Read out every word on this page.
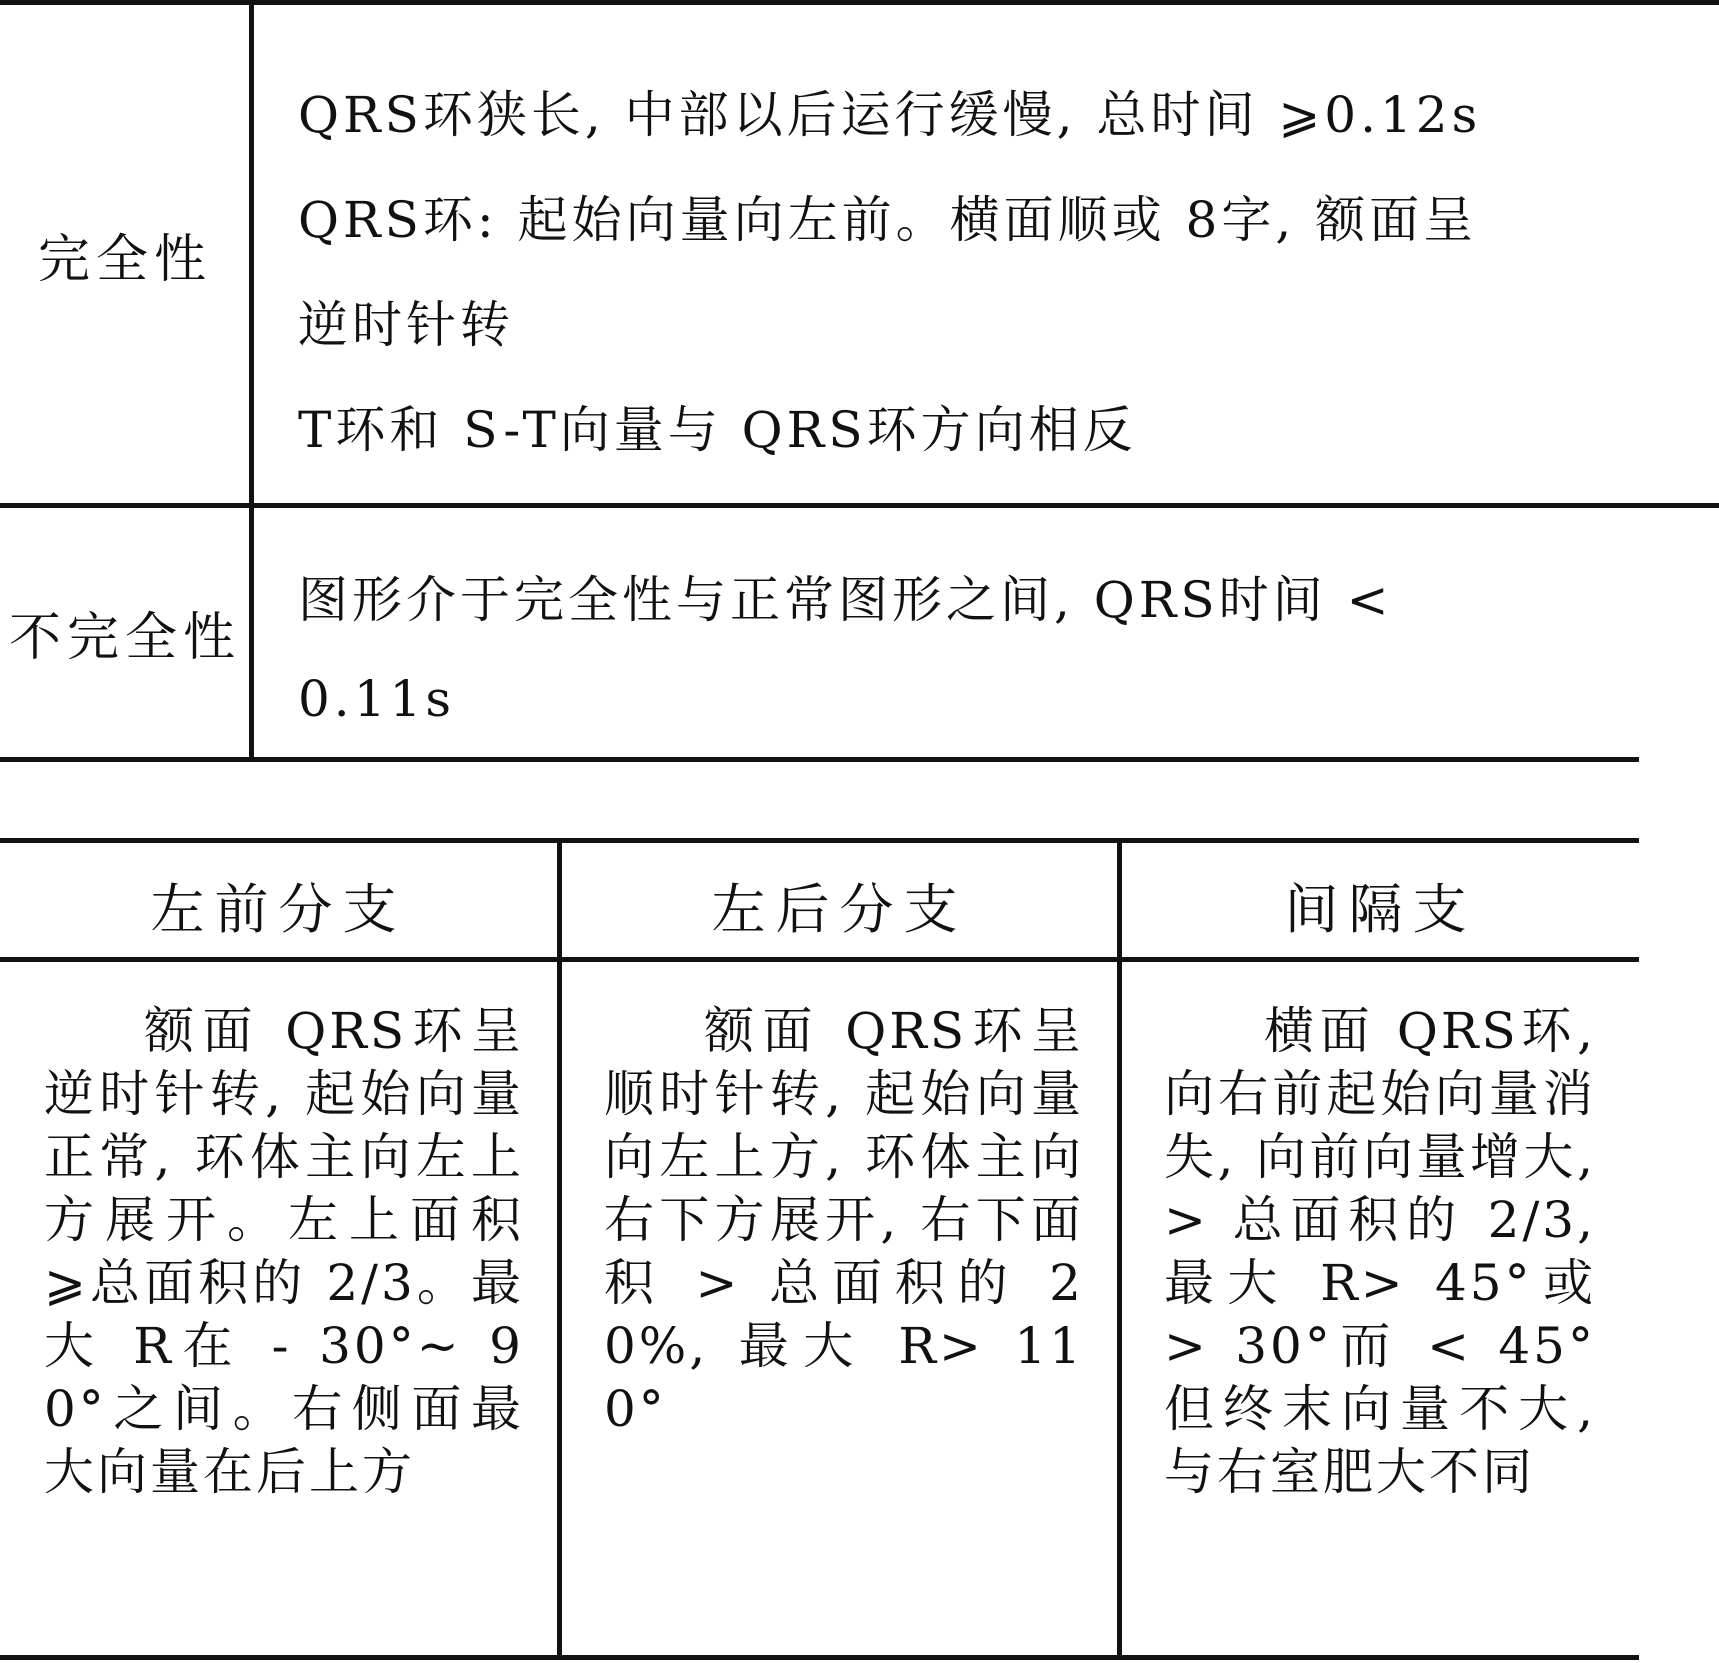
完全性
QRS环狭长, 中部以后运行缓慢, 总时间 ⩾0.12s
QRS环: 起始向量向左前。横面顺或 8字, 额面呈
逆时针转
T环和 S-T向量与 QRS环方向相反
不完全性
图形介于完全性与正常图形之间, QRS时间 <
0.11s
左前分支	左后分支	间隔支
额面 QRS环呈逆时针转, 起始向量正常, 环体主向左上方展开。左上面积 ⩾总面积的 2/3。最大 R在 - 30°~ 90°之间。右侧面最大向量在后上方
额面 QRS环呈顺时针转, 起始向量向左上方, 环体主向右下方展开, 右下面积 > 总面积的 20%, 最大 R> 110°
横面 QRS环, 向右前起始向量消失, 向前向量增大, > 总面积的 2/3, 最大 R> 45°或 > 30°而 < 45°但终末向量不大, 与右室肥大不同
